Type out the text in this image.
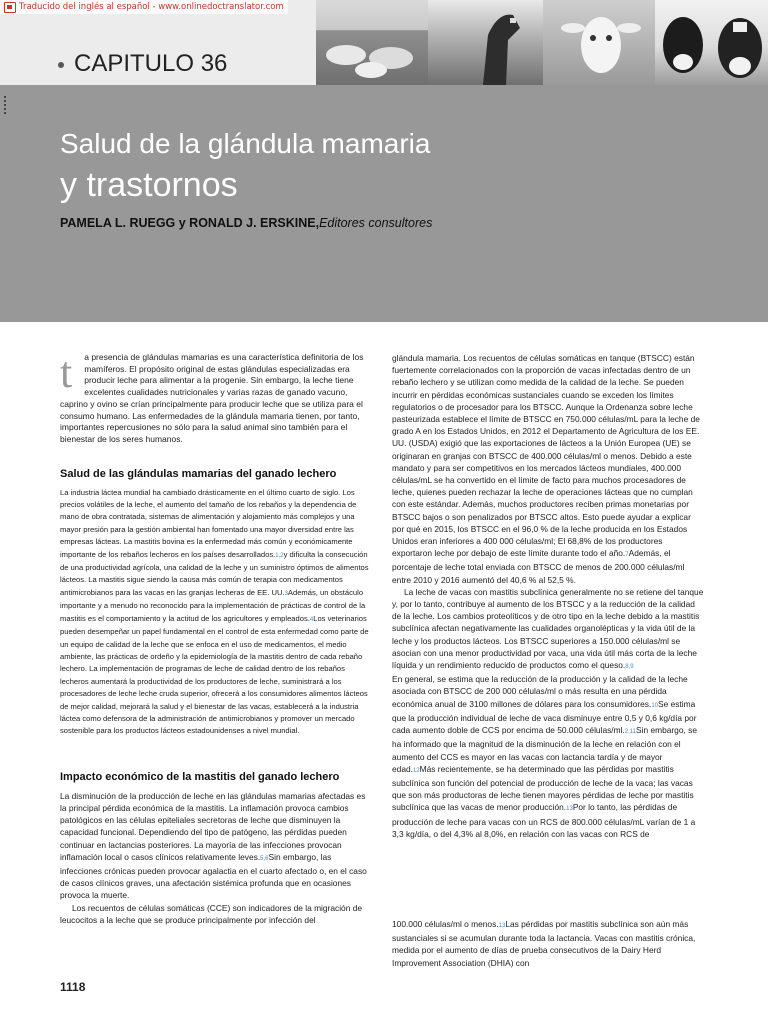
Traducido del inglés al español - www.onlinedoctranslator.com
CAPITULO 36
Salud de la glándula mamaria
y trastornos
PAMELA L. RUEGG y RONALD J. ERSKINE,Editores consultores

t a presencia de glándulas mamarias es una característica definitoria de los mamíferos. El propósito original de estas glándulas especializadas era producir leche para alimentar a la progenie. Sin embargo, la leche tiene excelentes cualidades nutricionales y varias razas de ganado vacuno, caprino y ovino se crían principalmente para producir leche que se utiliza para el consumo humano. Las enfermedades de la glándula mamaria tienen, por tanto, importantes repercusiones no sólo para la salud animal sino también para el bienestar de los seres humanos.

Salud de las glándulas mamarias del ganado lechero

La industria láctea mundial ha cambiado drásticamente en el último cuarto de siglo. Los precios volátiles de la leche, el aumento del tamaño de los rebaños y la dependencia de mano de obra contratada, sistemas de alimentación y alojamiento más complejos y una mayor presión para la gestión ambiental han fomentado una mayor diversidad entre las empresas lácteas. La mastitis bovina es la enfermedad más común y económicamente importante de los rebaños lecheros en los países desarrollados.1,2y dificulta la consecución de una productividad agrícola, una calidad de la leche y un suministro óptimos de alimentos lácteos. La mastitis sigue siendo la causa más común de terapia con medicamentos antimicrobianos para las vacas en las granjas lecheras de EE. UU.3Además, un obstáculo importante y a menudo no reconocido para la implementación de prácticas de control de la mastitis es el comportamiento y la actitud de los agricultores y empleados.4Los veterinarios pueden desempeñar un papel fundamental en el control de esta enfermedad como parte de un equipo de calidad de la leche que se enfoca en el uso de medicamentos, el medio ambiente, las prácticas de ordeño y la epidemiología de la mastitis dentro de cada rebaño lechero. La implementación de programas de leche de calidad dentro de los rebaños lecheros aumentará la productividad de los productores de leche, suministrará a los procesadores de leche leche cruda superior, ofrecerá a los consumidores alimentos lácteos de mejor calidad, mejorará la salud y el bienestar de las vacas, establecerá a la industria láctea como defensora de la administración de antimicrobianos y promover un mercado sostenible para los productos lácteos estadounidenses a nivel mundial.

Impacto económico de la mastitis del ganado lechero

La disminución de la producción de leche en las glándulas mamarias afectadas es la principal pérdida económica de la mastitis. La inflamación provoca cambios patológicos en las células epiteliales secretoras de leche que disminuyen la capacidad funcional. Dependiendo del tipo de patógeno, las pérdidas pueden continuar en lactancias posteriores. La mayoría de las infecciones provocan inflamación local o casos clínicos relativamente leves.5,6Sin embargo, las infecciones crónicas pueden provocar agalactia en el cuarto afectado o, en el caso de casos clínicos graves, una afectación sistémica profunda que en ocasiones provoca la muerte.

Los recuentos de células somáticas (CCE) son indicadores de la migración de leucocitos a la leche que se produce principalmente por infección del

glándula mamaria. Los recuentos de células somáticas en tanque (BTSCC) están fuertemente correlacionados con la proporción de vacas infectadas dentro de un rebaño lechero y se utilizan como medida de la calidad de la leche. Se pueden incurrir en pérdidas económicas sustanciales cuando se exceden los límites regulatorios o de procesador para los BTSCC. Aunque la Ordenanza sobre leche pasteurizada establece el límite de BTSCC en 750.000 células/mL para la leche de grado A en los Estados Unidos, en 2012 el Departamento de Agricultura de los EE. UU. (USDA) exigió que las exportaciones de lácteos a la Unión Europea (UE) se originaran en granjas con BTSCC de 400.000 células/ml o menos. Debido a este mandato y para ser competitivos en los mercados lácteos mundiales, 400.000 células/mL se ha convertido en el límite de facto para muchos procesadores de leche, quienes pueden rechazar la leche de operaciones lácteas que no cumplan con este estándar. Además, muchos productores reciben primas monetarias por BTSCC bajos o son penalizados por BTSCC altos. Esto puede ayudar a explicar por qué en 2015, los BTSCC en el 96,0 % de la leche producida en los Estados Unidos eran inferiores a 400 000 células/ml; El 68,8% de los productores exportaron leche por debajo de este límite durante todo el año.7Además, el porcentaje de leche total enviada con BTSCC de menos de 200.000 células/ml entre 2010 y 2016 aumentó del 40,6 % al 52,5 %.

La leche de vacas con mastitis subclínica generalmente no se retiene del tanque y, por lo tanto, contribuye al aumento de los BTSCC y a la reducción de la calidad de la leche. Los cambios proteolíticos y de otro tipo en la leche debido a la mastitis subclínica afectan negativamente las cualidades organolépticas y la vida útil de la leche y los productos lácteos. Los BTSCC superiores a 150.000 células/ml se asocian con una menor productividad por vaca, una vida útil más corta de la leche líquida y un rendimiento reducido de productos como el queso.8,9

En general, se estima que la reducción de la producción y la calidad de la leche asociada con BTSCC de 200 000 células/ml o más resulta en una pérdida económica anual de 3100 millones de dólares para los consumidores.10Se estima que la producción individual de leche de vaca disminuye entre 0,5 y 0,6 kg/día por cada aumento doble de CCS por encima de 50.000 células/ml.2,11Sin embargo, se ha informado que la magnitud de la disminución de la leche en relación con el aumento del CCS es mayor en las vacas con lactancia tardía y de mayor edad.12Más recientemente, se ha determinado que las pérdidas por mastitis subclínica son función del potencial de producción de leche de la vaca; las vacas que son más productoras de leche tienen mayores pérdidas de leche por mastitis subclínica que las vacas de menor producción.13Por lo tanto, las pérdidas de producción de leche para vacas con un RCS de 800.000 células/mL varían de 1 a 3,3 kg/día, o del 4,3% al 8,0%, en relación con las vacas con RCS de

100.000 células/ml o menos.13Las pérdidas por mastitis subclínica son aún más sustanciales si se acumulan durante toda la lactancia. Vacas con mastitis crónica, medida por el aumento de días de prueba consecutivos de la Dairy Herd Improvement Association (DHIA) con

1118
